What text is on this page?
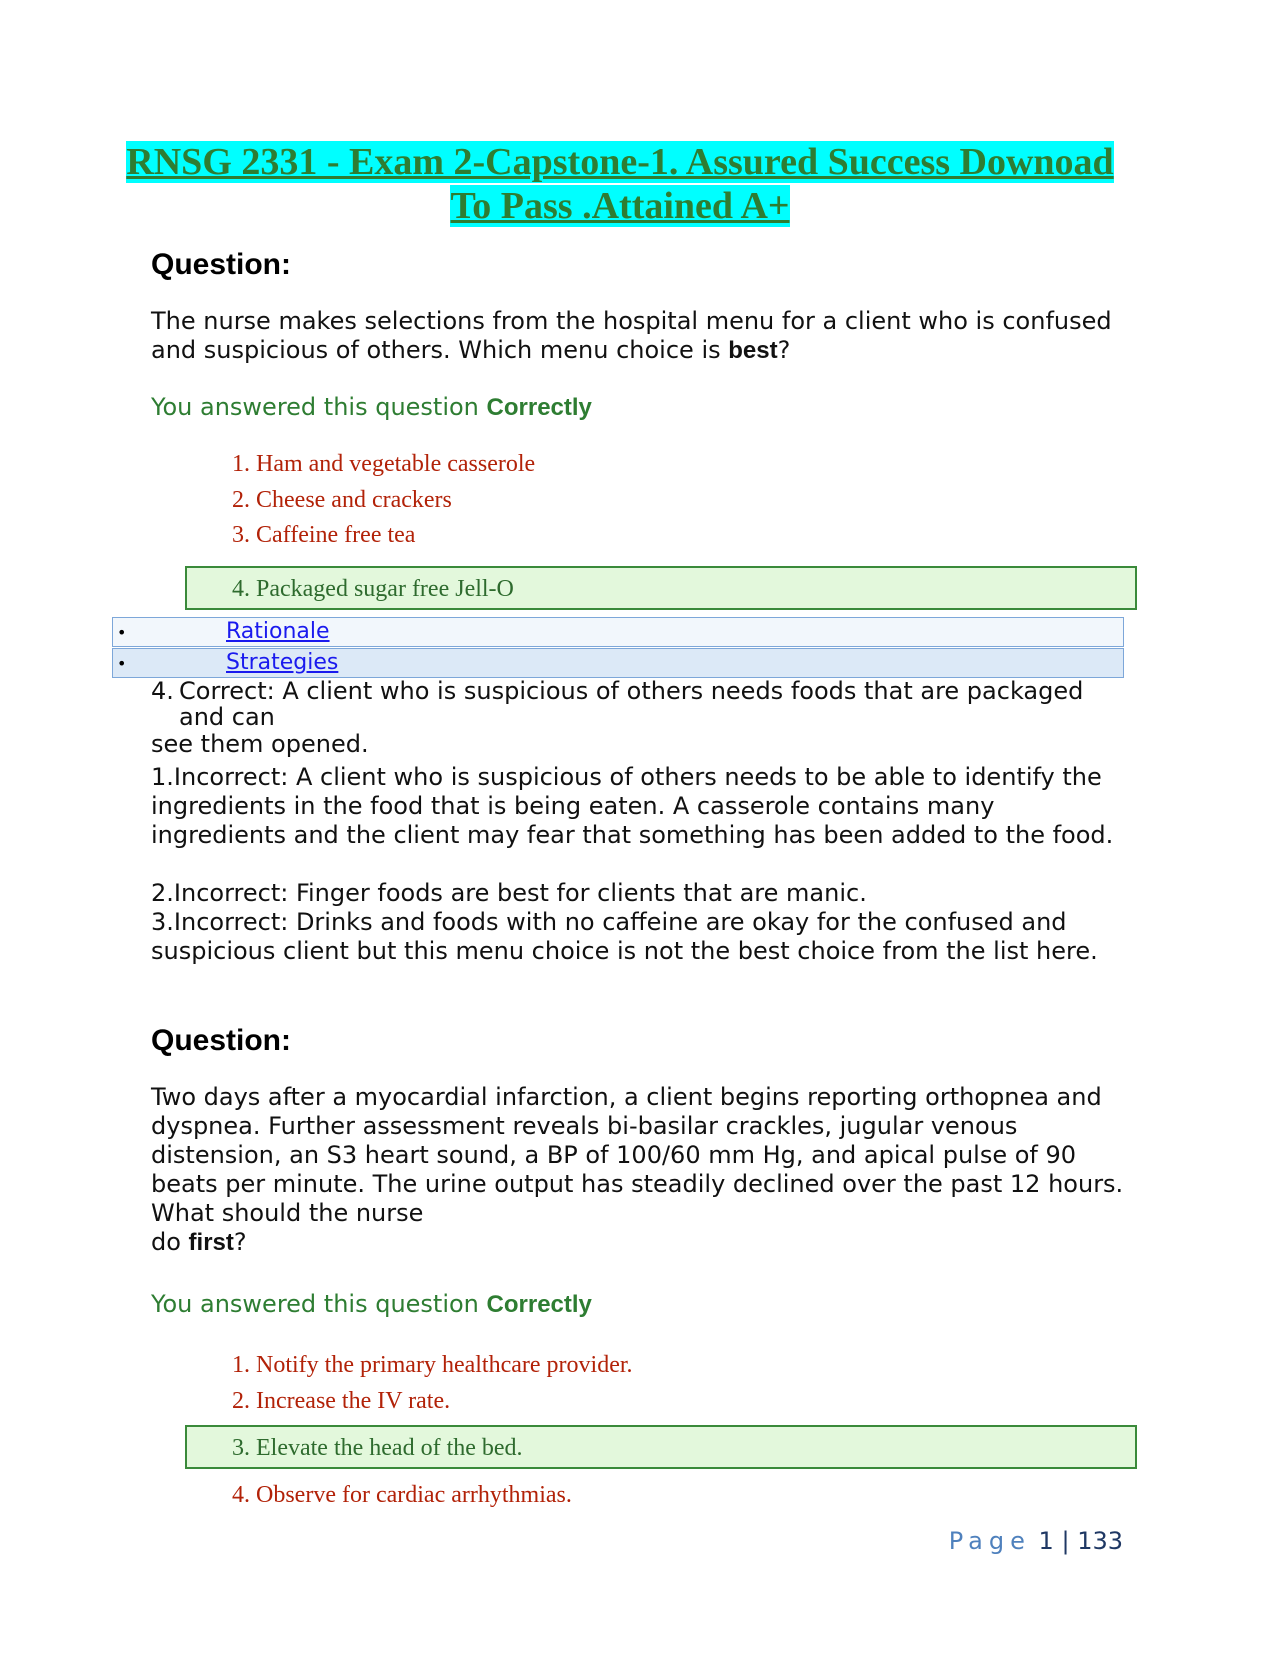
RNSG 2331 - Exam 2-Capstone-1. Assured Success Downoad
To Pass .Attained A+
Question:
The nurse makes selections from the hospital menu for a client who is confused and suspicious of others. Which menu choice is best?
You answered this question Correctly
1. Ham and vegetable casserole
2. Cheese and crackers
3. Caffeine free tea
4. Packaged sugar free Jell-O
•	Rationale
•	Strategies
4. Correct: A client who is suspicious of others needs foods that are packaged and can
see them opened.
1.Incorrect: A client who is suspicious of others needs to be able to identify the ingredients in the food that is being eaten. A casserole contains many ingredients and the client may fear that something has been added to the food.
2.Incorrect: Finger foods are best for clients that are manic.
3.Incorrect: Drinks and foods with no caffeine are okay for the confused and suspicious client but this menu choice is not the best choice from the list here.
Question:
Two days after a myocardial infarction, a client begins reporting orthopnea and dyspnea. Further assessment reveals bi-basilar crackles, jugular venous distension, an S3 heart sound, a BP of 100/60 mm Hg, and apical pulse of 90 beats per minute. The urine output has steadily declined over the past 12 hours. What should the nurse
do first?
You answered this question Correctly
1. Notify the primary healthcare provider.
2. Increase the IV rate.
3. Elevate the head of the bed.
4. Observe for cardiac arrhythmias.
Page 1 | 133
